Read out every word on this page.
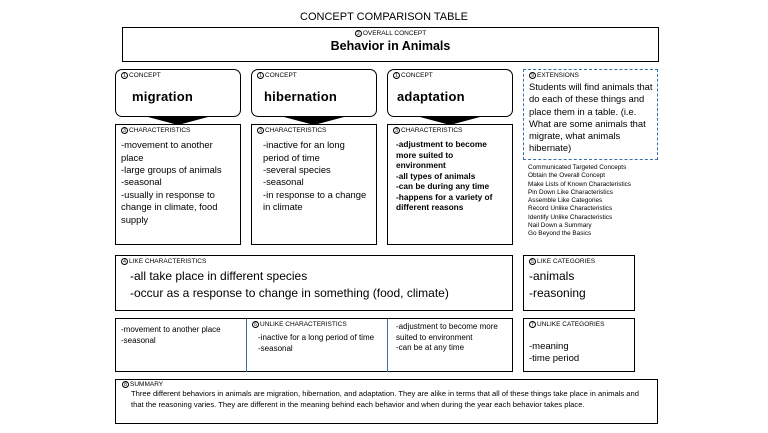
CONCEPT COMPARISON TABLE
2 OVERALL CONCEPT
Behavior in Animals
1 CONCEPT
migration
1 CONCEPT
hibernation
1 CONCEPT
adaptation
9 EXTENSIONS
Students will find animals that do each of these things and place them in a table. (i.e. What are some animals that migrate, what animals hibernate)
Communicated Targeted Concepts
Obtain the Overall Concept
Make Lists of Known Characteristics
Pin Down Like Characteristics
Assemble Like Categories
Record Unlike Characteristics
Identify Unlike Characteristics
Nail Down a Summary
Go Beyond the Basics
3 CHARACTERISTICS
-movement to another place
-large groups of animals
-seasonal
-usually in response to change in climate, food supply
3 CHARACTERISTICS
-inactive for an long period of time
-several species
-seasonal
-in response to a change in climate
3 CHARACTERISTICS
-adjustment to become more suited to environment
-all types of animals
-can be during any time
-happens for a variety of different reasons
4 LIKE CHARACTERISTICS
-all take place in different species
-occur as a response to change in something (food, climate)
5 LIKE CATEGORIES
-animals
-reasoning
-movement to another place
-seasonal
6 UNLIKE CHARACTERISTICS
-inactive for a long period of time
-seasonal
-adjustment to become more suited to environment
-can be at any time
7 UNLIKE CATEGORIES
-meaning
-time period
8 SUMMARY
Three different behaviors in animals are migration, hibernation, and adaptation. They are alike in terms that all of these things take place in animals and that the reasoning varies. They are different in the meaning behind each behavior and when during the year each behavior takes place.
